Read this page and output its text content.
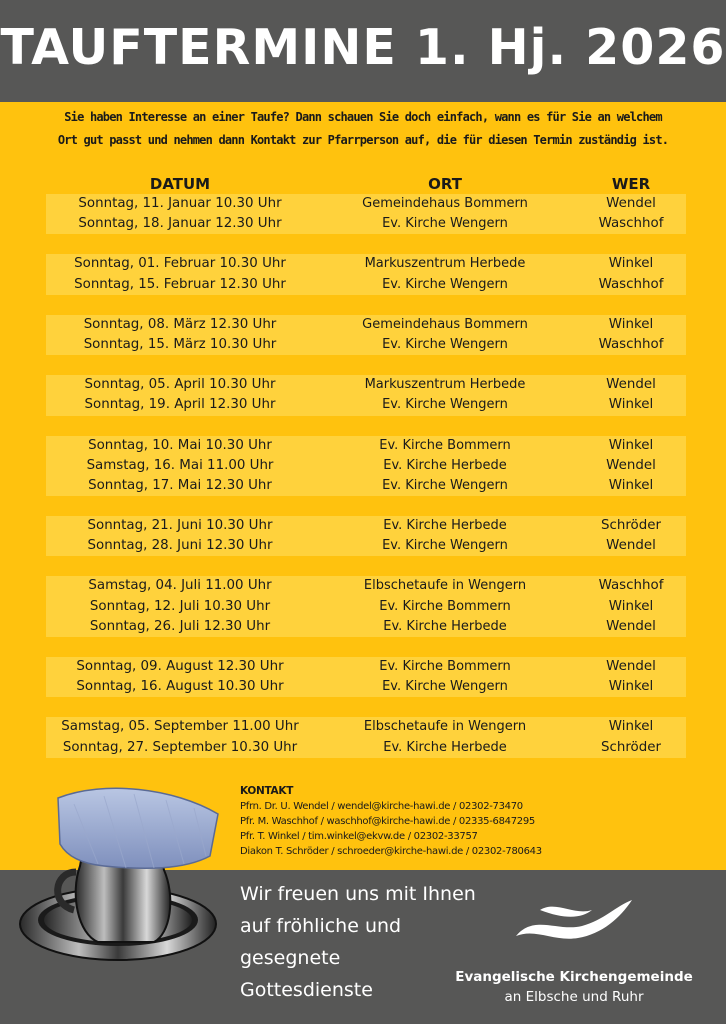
TAUFTERMINE 1. Hj. 2026
Sie haben Interesse an einer Taufe? Dann schauen Sie doch einfach, wann es für Sie an welchem
Ort gut passt und nehmen dann Kontakt zur Pfarrperson auf, die für diesen Termin zuständig ist.
DATUM	ORT	WER
Sonntag, 11. Januar 10.30 Uhr	Gemeindehaus Bommern	Wendel
Sonntag, 18. Januar 12.30 Uhr	Ev. Kirche Wengern	Waschhof
Sonntag, 01. Februar 10.30 Uhr	Markuszentrum Herbede	Winkel
Sonntag, 15. Februar 12.30 Uhr	Ev. Kirche Wengern	Waschhof
Sonntag, 08. März 12.30 Uhr	Gemeindehaus Bommern	Winkel
Sonntag, 15. März 10.30 Uhr	Ev. Kirche Wengern	Waschhof
Sonntag, 05. April 10.30 Uhr	Markuszentrum Herbede	Wendel
Sonntag, 19. April 12.30 Uhr	Ev. Kirche Wengern	Winkel
Sonntag, 10. Mai 10.30 Uhr	Ev. Kirche Bommern	Winkel
Samstag, 16. Mai 11.00 Uhr	Ev. Kirche Herbede	Wendel
Sonntag, 17. Mai 12.30 Uhr	Ev. Kirche Wengern	Winkel
Sonntag, 21. Juni 10.30 Uhr	Ev. Kirche Herbede	Schröder
Sonntag, 28. Juni 12.30 Uhr	Ev. Kirche Wengern	Wendel
Samstag, 04. Juli 11.00 Uhr	Elbschetaufe in Wengern	Waschhof
Sonntag, 12. Juli 10.30 Uhr	Ev. Kirche Bommern	Winkel
Sonntag, 26. Juli 12.30 Uhr	Ev. Kirche Herbede	Wendel
Sonntag, 09. August 12.30 Uhr	Ev. Kirche Bommern	Wendel
Sonntag, 16. August 10.30 Uhr	Ev. Kirche Wengern	Winkel
Samstag, 05. September 11.00 Uhr	Elbschetaufe in Wengern	Winkel
Sonntag, 27. September 10.30 Uhr	Ev. Kirche Herbede	Schröder
KONTAKT
Pfrn. Dr. U. Wendel / wendel@kirche-hawi.de / 02302-73470
Pfr. M. Waschhof / waschhof@kirche-hawi.de / 02335-6847295
Pfr. T. Winkel / tim.winkel@ekvw.de / 02302-33757
Diakon T. Schröder / schroeder@kirche-hawi.de / 02302-780643
Wir freuen uns mit Ihnen
auf fröhliche und
gesegnete
Gottesdienste
Evangelische Kirchengemeinde
an Elbsche und Ruhr
